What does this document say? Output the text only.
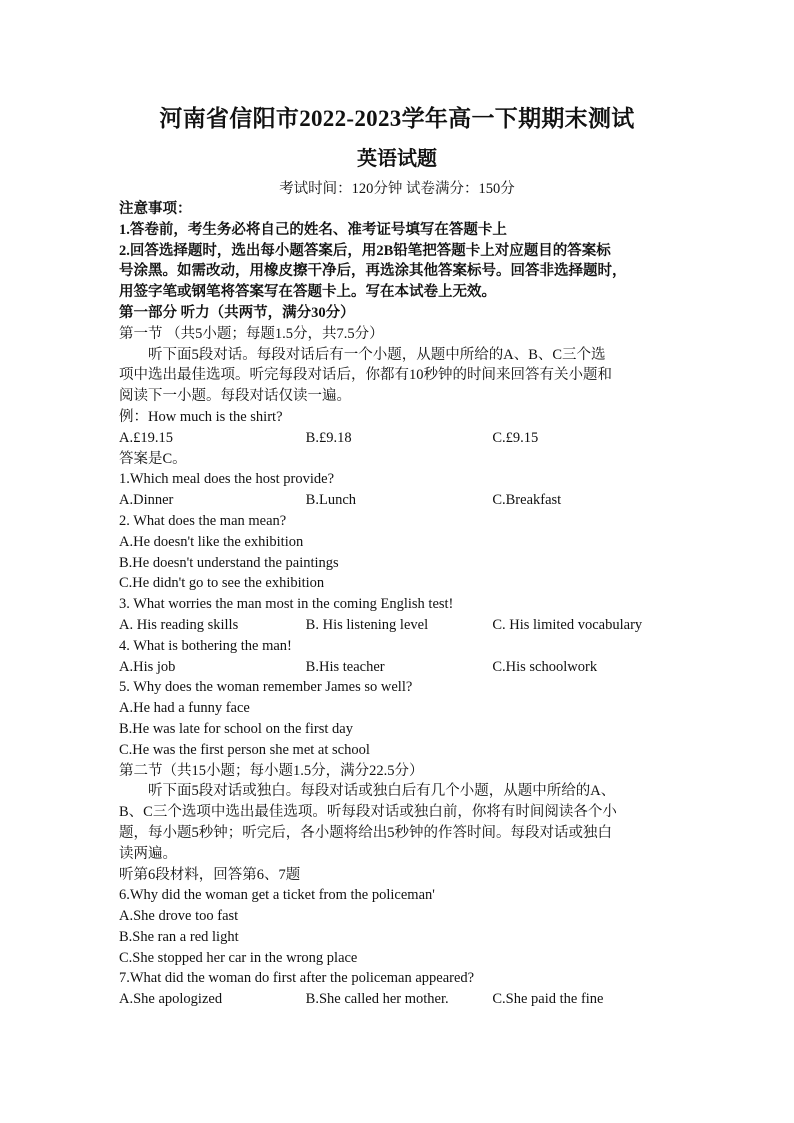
河南省信阳市2022-2023学年高一下期期末测试
英语试题
考试时间：120分钟 试卷满分：150分
注意事项：
1.答卷前，考生务必将自己的姓名、准考证号填写在答题卡上
2.回答选择题时，选出每小题答案后，用2B铅笔把答题卡上对应题目的答案标
号涂黑。如需改动，用橡皮擦干净后，再选涂其他答案标号。回答非选择题时，
用签字笔或钢笔将答案写在答题卡上。写在本试卷上无效。
第一部分 听力（共两节，满分30分）
第一节 （共5小题；每题1.5分，共7.5分）
听下面5段对话。每段对话后有一个小题，从题中所给的A、B、C三个选
项中选出最佳选项。听完每段对话后，你都有10秒钟的时间来回答有关小题和
阅读下一小题。每段对话仅读一遍。
例：How much is the shirt?
A.£19.15	B.£9.18	C.£9.15
答案是C。
1.Which meal does the host provide?
A.Dinner	B.Lunch	C.Breakfast
2. What does the man mean?
A.He doesn't like the exhibition
B.He doesn't understand the paintings
C.He didn't go to see the exhibition
3. What worries the man most in the coming English test!
A. His reading skills	B. His listening level	C. His limited vocabulary
4. What is bothering the man!
A.His job	B.His teacher	C.His schoolwork
5. Why does the woman remember James so well?
A.He had a funny face
B.He was late for school on the first day
C.He was the first person she met at school
第二节（共15小题；每小题1.5分，满分22.5分）
听下面5段对话或独白。每段对话或独白后有几个小题，从题中所给的A、
B、C三个选项中选出最佳选项。听每段对话或独白前，你将有时间阅读各个小
题，每小题5秒钟；听完后，各小题将给出5秒钟的作答时间。每段对话或独白
读两遍。
听第6段材料，回答第6、7题
6.Why did the woman get a ticket from the policeman'
A.She drove too fast
B.She ran a red light
C.She stopped her car in the wrong place
7.What did the woman do first after the policeman appeared?
A.She apologized	B.She called her mother.	C.She paid the fine
